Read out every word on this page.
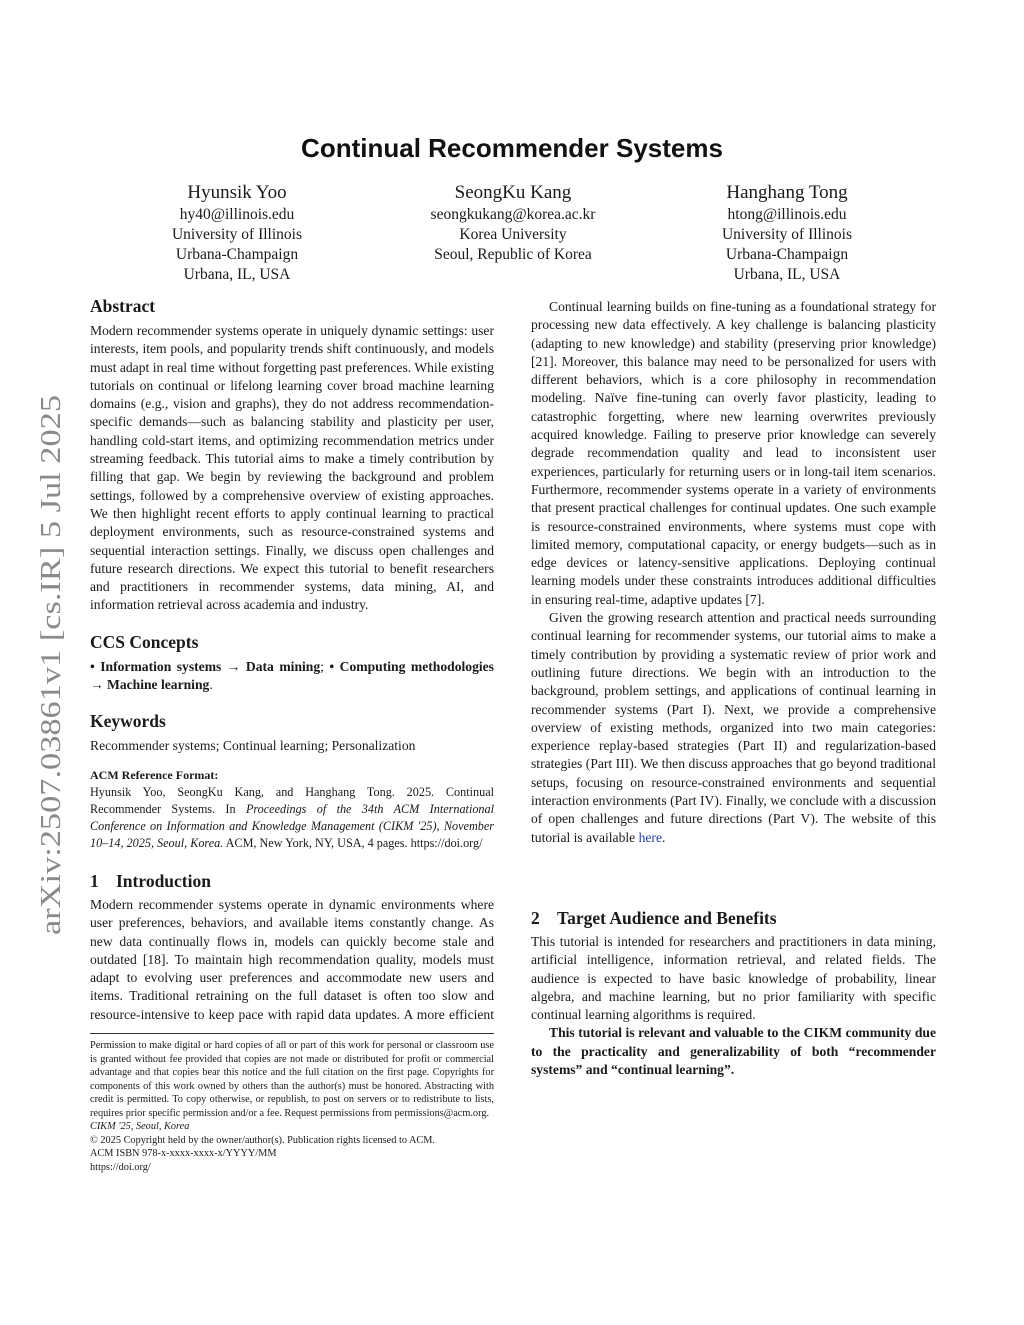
arXiv:2507.03861v1 [cs.IR] 5 Jul 2025
Continual Recommender Systems
Hyunsik Yoo
hy40@illinois.edu
University of Illinois
Urbana-Champaign
Urbana, IL, USA
SeongKu Kang
seongkukang@korea.ac.kr
Korea University
Seoul, Republic of Korea
Hanghang Tong
htong@illinois.edu
University of Illinois
Urbana-Champaign
Urbana, IL, USA
Abstract

Modern recommender systems operate in uniquely dynamic settings: user interests, item pools, and popularity trends shift continuously, and models must adapt in real time without forgetting past preferences. While existing tutorials on continual or lifelong learning cover broad machine learning domains (e.g., vision and graphs), they do not address recommendation-specific demands—such as balancing stability and plasticity per user, handling cold-start items, and optimizing recommendation metrics under streaming feedback. This tutorial aims to make a timely contribution by filling that gap. We begin by reviewing the background and problem settings, followed by a comprehensive overview of existing approaches. We then highlight recent efforts to apply continual learning to practical deployment environments, such as resource-constrained systems and sequential interaction settings. Finally, we discuss open challenges and future research directions. We expect this tutorial to benefit researchers and practitioners in recommender systems, data mining, AI, and information retrieval across academia and industry.

CCS Concepts

• Information systems → Data mining; • Computing methodologies → Machine learning.

Keywords

Recommender systems; Continual learning; Personalization

ACM Reference Format:

Hyunsik Yoo, SeongKu Kang, and Hanghang Tong. 2025. Continual Recommender Systems. In Proceedings of the 34th ACM International Conference on Information and Knowledge Management (CIKM '25), November 10–14, 2025, Seoul, Korea. ACM, New York, NY, USA, 4 pages. https://doi.org/

1 Introduction

Modern recommender systems operate in dynamic environments where user preferences, behaviors, and available items constantly change. As new data continually flows in, models can quickly become stale and outdated [18]. To maintain high recommendation quality, models must adapt to evolving user preferences and accommodate new users and items. Traditional retraining on the full dataset is often too slow and resource-intensive to keep pace with rapid data updates. A more efficient

Permission to make digital or hard copies of all or part of this work for personal or classroom use is granted without fee provided that copies are not made or distributed for profit or commercial advantage and that copies bear this notice and the full citation on the first page. Copyrights for components of this work owned by others than the author(s) must be honored. Abstracting with credit is permitted. To copy otherwise, or republish, to post on servers or to redistribute to lists, requires prior specific permission and/or a fee. Request permissions from permissions@acm.org.

CIKM '25, Seoul, Korea

© 2025 Copyright held by the owner/author(s). Publication rights licensed to ACM.

ACM ISBN 978-x-xxxx-xxxx-x/YYYY/MM

https://doi.org/

Continual learning builds on fine-tuning as a foundational strategy for processing new data effectively. A key challenge is balancing plasticity (adapting to new knowledge) and stability (preserving prior knowledge) [21]. Moreover, this balance may need to be personalized for users with different behaviors, which is a core philosophy in recommendation modeling. Naïve fine-tuning can overly favor plasticity, leading to catastrophic forgetting, where new learning overwrites previously acquired knowledge. Failing to preserve prior knowledge can severely degrade recommendation quality and lead to inconsistent user experiences, particularly for returning users or in long-tail item scenarios. Furthermore, recommender systems operate in a variety of environments that present practical challenges for continual updates. One such example is resource-constrained environments, where systems must cope with limited memory, computational capacity, or energy budgets—such as in edge devices or latency-sensitive applications. Deploying continual learning models under these constraints introduces additional difficulties in ensuring real-time, adaptive updates [7].

Given the growing research attention and practical needs surrounding continual learning for recommender systems, our tutorial aims to make a timely contribution by providing a systematic review of prior work and outlining future directions. We begin with an introduction to the background, problem settings, and applications of continual learning in recommender systems (Part I). Next, we provide a comprehensive overview of existing methods, organized into two main categories: experience replay-based strategies (Part II) and regularization-based strategies (Part III). We then discuss approaches that go beyond traditional setups, focusing on resource-constrained environments and sequential interaction environments (Part IV). Finally, we conclude with a discussion of open challenges and future directions (Part V). The website of this tutorial is available here.

2 Target Audience and Benefits

This tutorial is intended for researchers and practitioners in data mining, artificial intelligence, information retrieval, and related fields. The audience is expected to have basic knowledge of probability, linear algebra, and machine learning, but no prior familiarity with specific continual learning algorithms is required.

This tutorial is relevant and valuable to the CIKM community due to the practicality and generalizability of both “recommender systems” and “continual learning”.
